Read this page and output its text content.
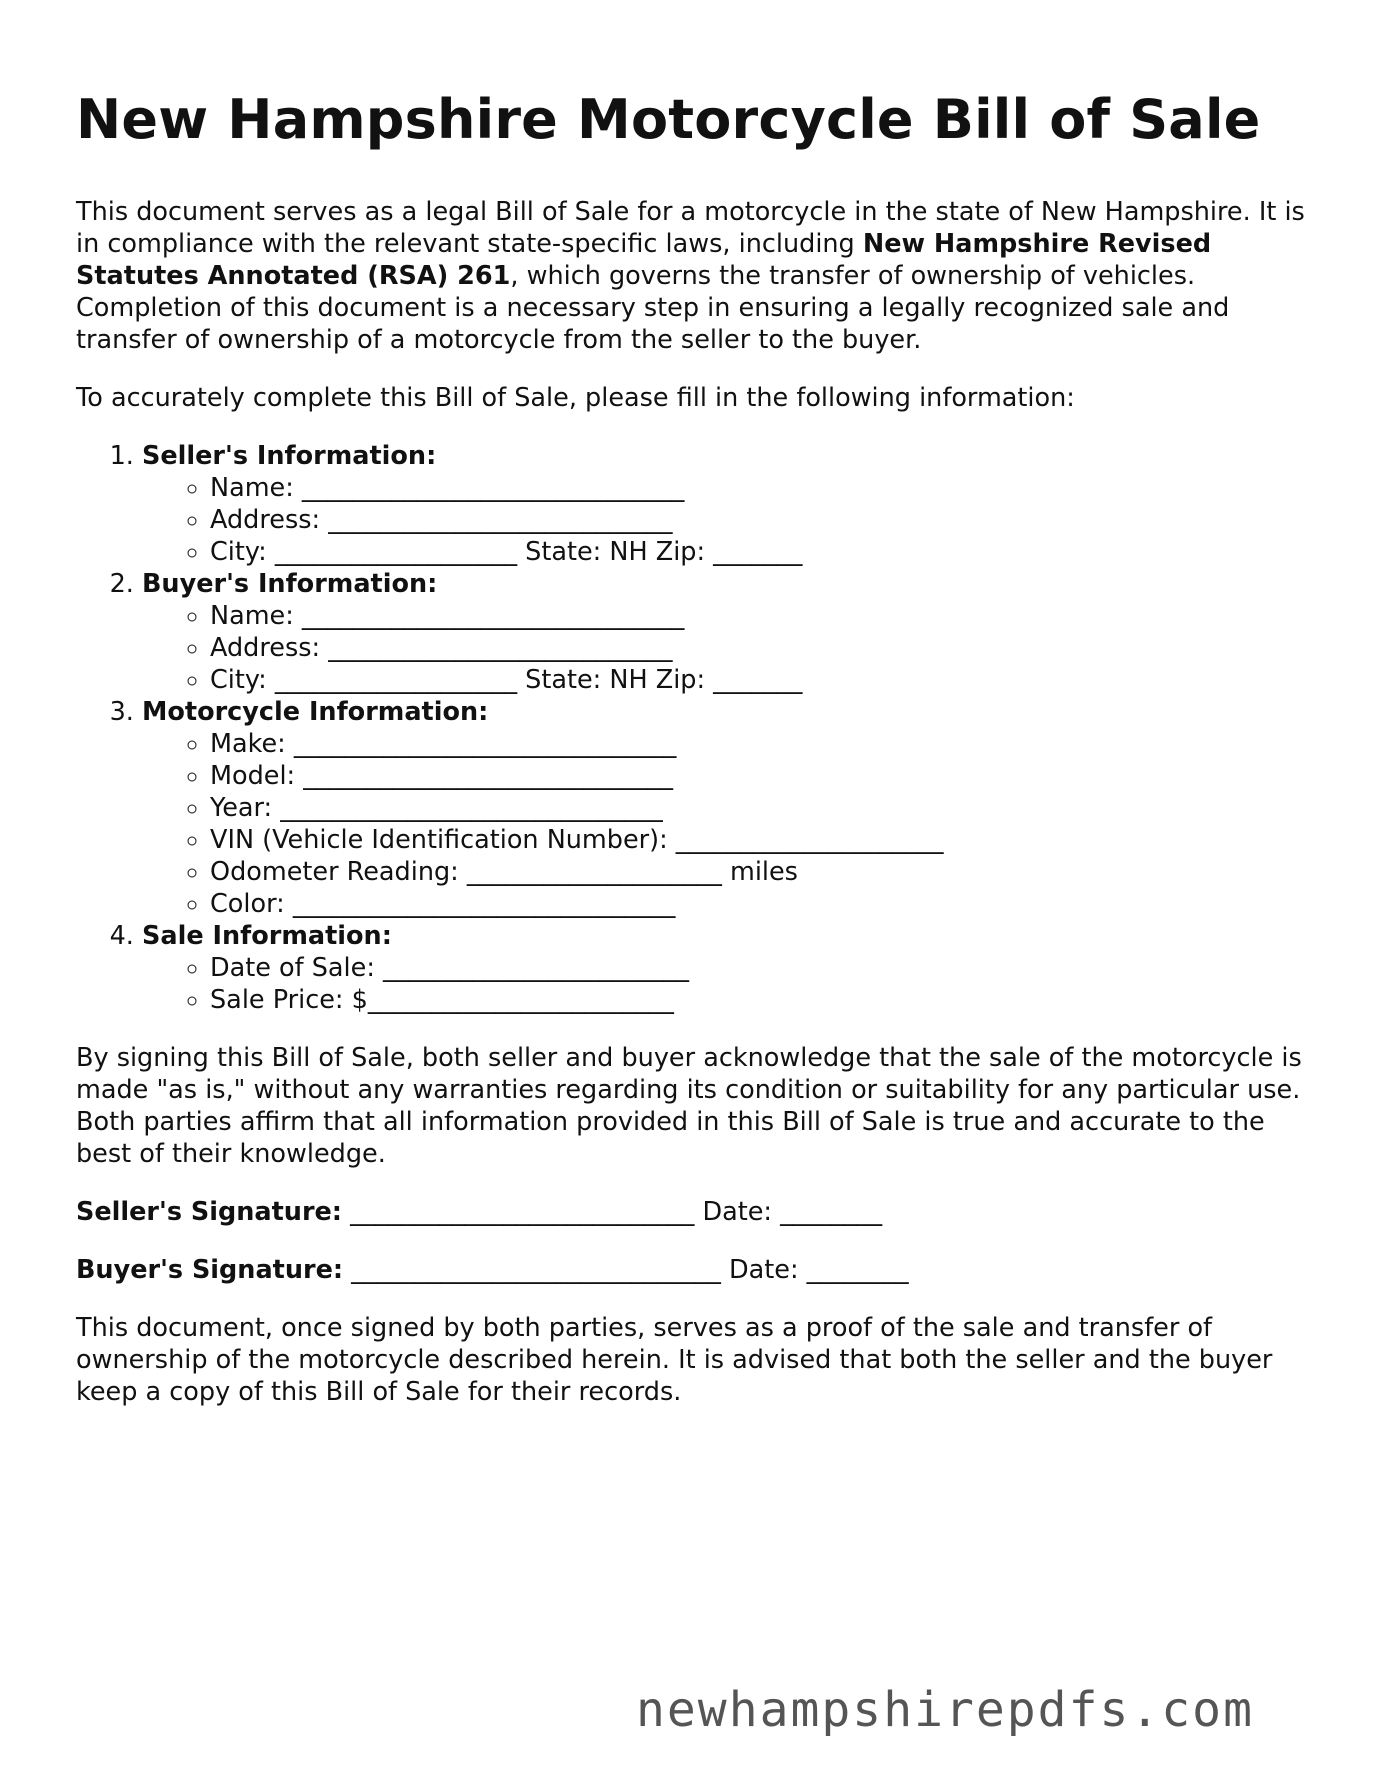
New Hampshire Motorcycle Bill of Sale

This document serves as a legal Bill of Sale for a motorcycle in the state of New Hampshire. It is in compliance with the relevant state-specific laws, including New Hampshire Revised Statutes Annotated (RSA) 261, which governs the transfer of ownership of vehicles. Completion of this document is a necessary step in ensuring a legally recognized sale and transfer of ownership of a motorcycle from the seller to the buyer.

To accurately complete this Bill of Sale, please fill in the following information:

1. Seller's Information:
◦ Name: ______________________________
◦ Address: ___________________________
◦ City: ___________________ State: NH Zip: _______
2. Buyer's Information:
◦ Name: ______________________________
◦ Address: ___________________________
◦ City: ___________________ State: NH Zip: _______
3. Motorcycle Information:
◦ Make: ______________________________
◦ Model: _____________________________
◦ Year: ______________________________
◦ VIN (Vehicle Identification Number): _____________________
◦ Odometer Reading: ____________________ miles
◦ Color: ______________________________
4. Sale Information:
◦ Date of Sale: ________________________
◦ Sale Price: $________________________

By signing this Bill of Sale, both seller and buyer acknowledge that the sale of the motorcycle is made "as is," without any warranties regarding its condition or suitability for any particular use. Both parties affirm that all information provided in this Bill of Sale is true and accurate to the best of their knowledge.

Seller's Signature: ___________________________ Date: ________
Buyer's Signature: _____________________________ Date: ________

This document, once signed by both parties, serves as a proof of the sale and transfer of ownership of the motorcycle described herein. It is advised that both the seller and the buyer keep a copy of this Bill of Sale for their records.

newhampshirepdfs.com
